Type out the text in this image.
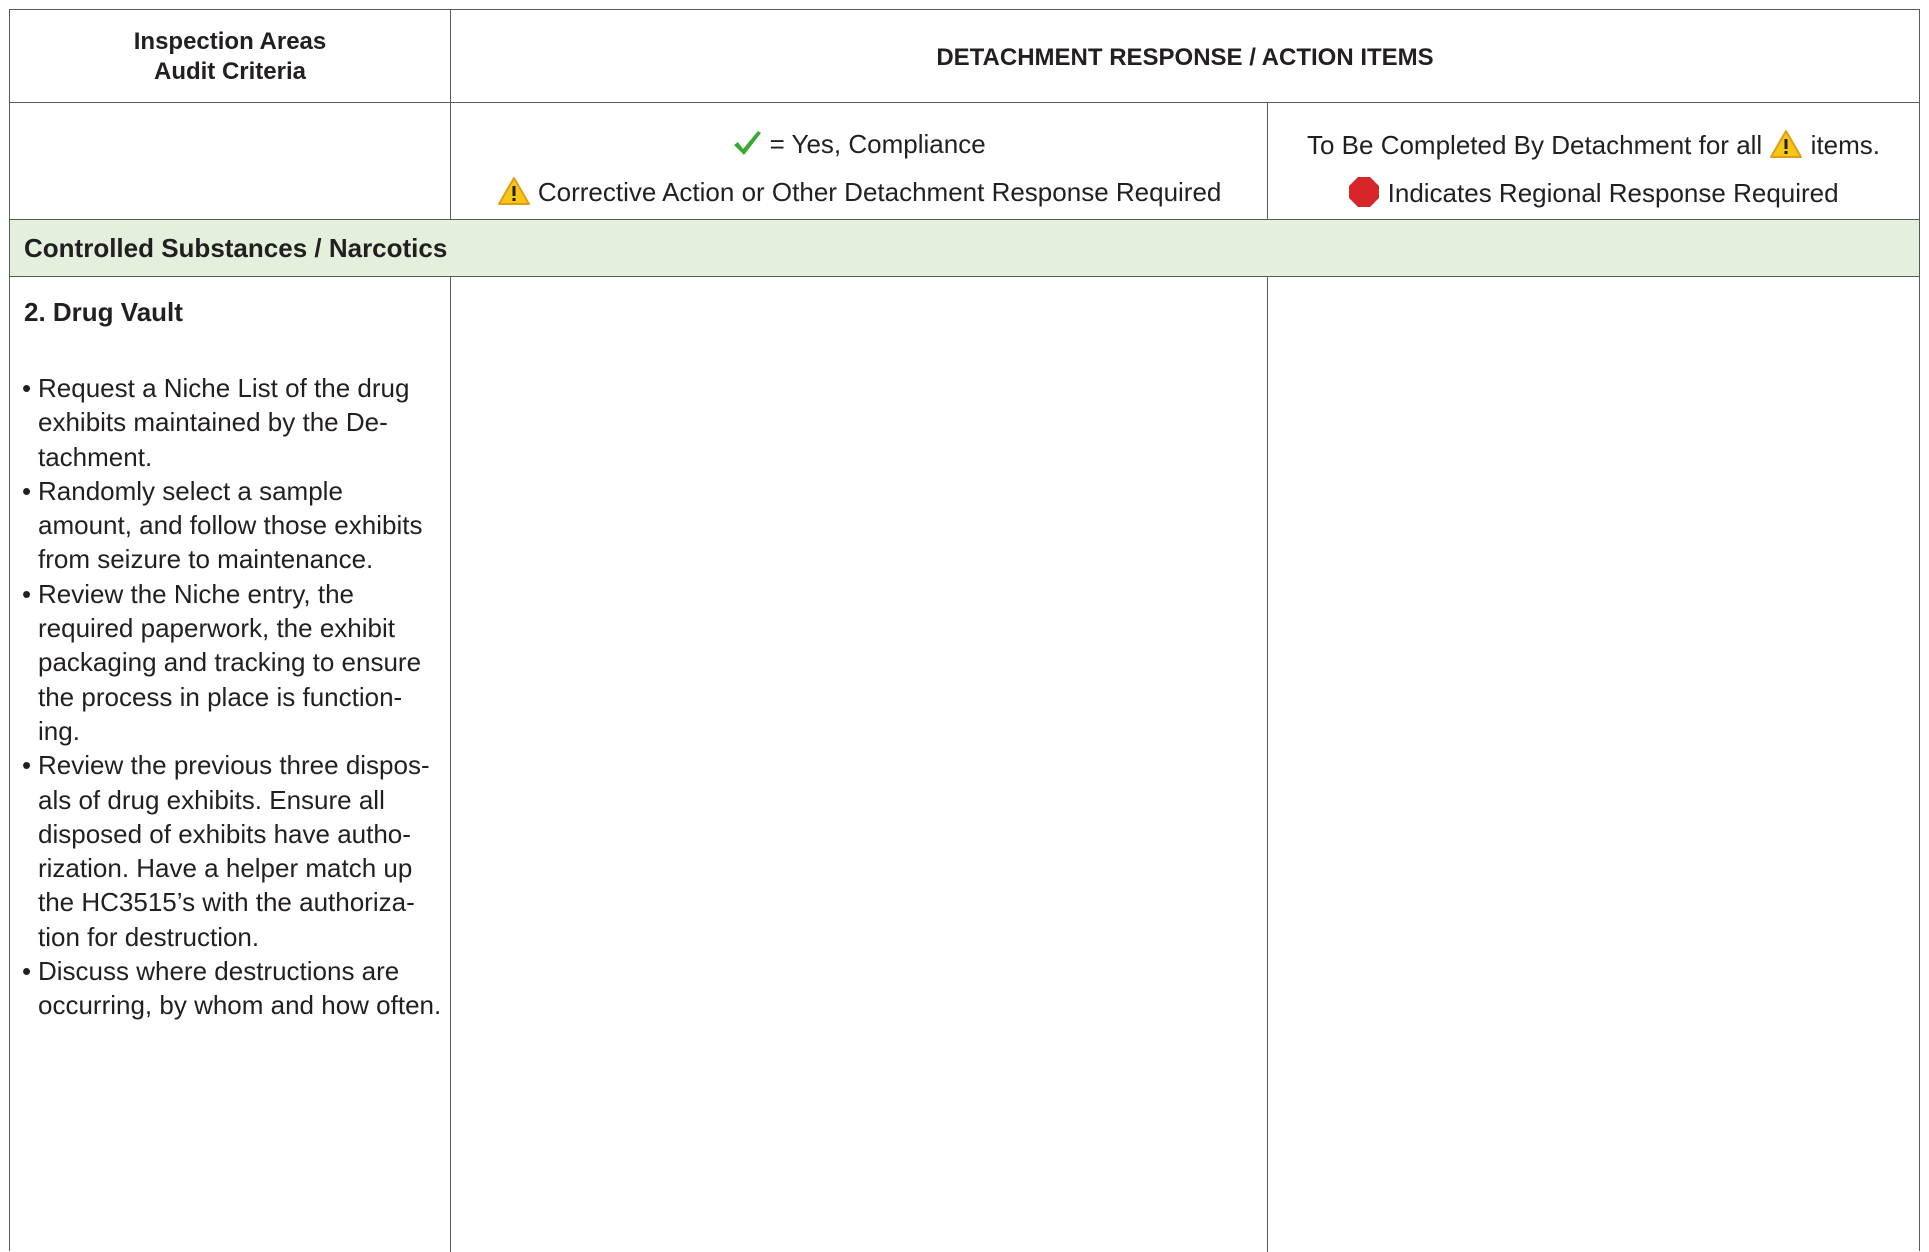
Inspection Areas
Audit Criteria
DETACHMENT RESPONSE / ACTION ITEMS
= Yes, Compliance
Corrective Action or Other Detachment Response Required
To Be Completed By Detachment for all items.
Indicates Regional Response Required
Controlled Substances / Narcotics
2. Drug Vault
• Request a Niche List of the drug exhibits maintained by the De-tachment.
• Randomly select a sample amount, and follow those exhibits from seizure to maintenance.
• Review the Niche entry, the required paperwork, the exhibit packaging and tracking to ensure the process in place is function-ing.
• Review the previous three dispos-als of drug exhibits. Ensure all disposed of exhibits have autho-rization. Have a helper match up the HC3515’s with the authoriza-tion for destruction.
• Discuss where destructions are occurring, by whom and how often.
